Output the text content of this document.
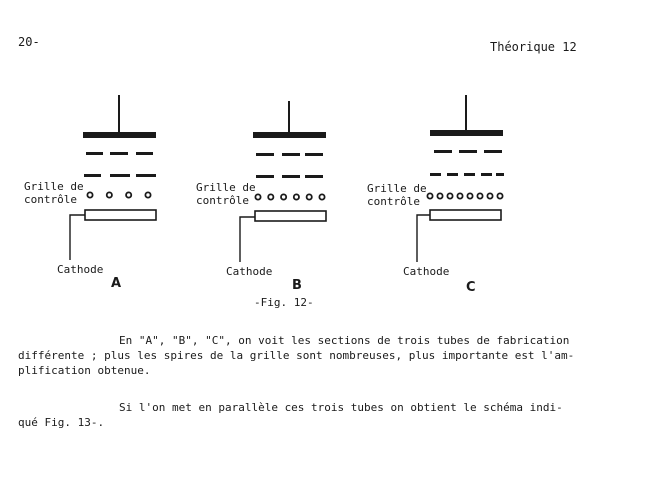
20-	Théorique 12
Grille de
contrôle
Cathode
A
Grille de
contrôle
Cathode
B
Grille de
contrôle
Cathode
C
-Fig. 12-
En "A", "B", "C", on voit les sections de trois tubes de fabrication
différente ; plus les spires de la grille sont nombreuses, plus importante est l'am-
plification obtenue.
Si l'on met en parallèle ces trois tubes on obtient le schéma indi-
qué Fig. 13-.
